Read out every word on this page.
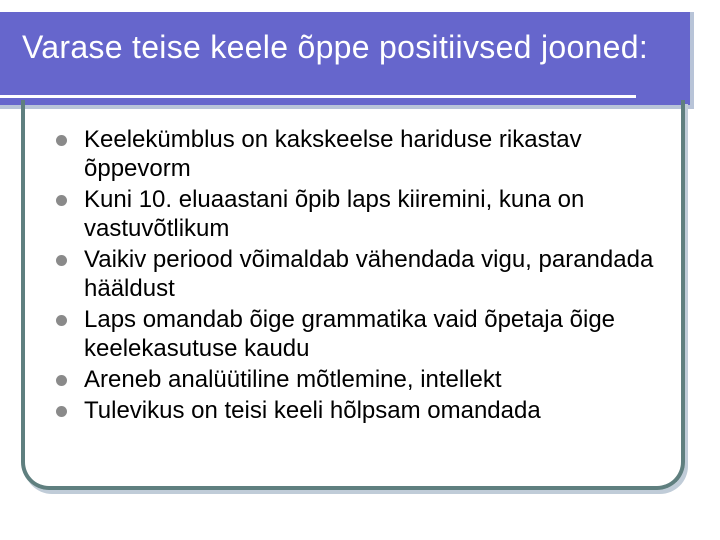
Varase teise keele õppe positiivsed jooned:
Keelekümblus on kakskeelse hariduse rikastav õppevorm
Kuni 10. eluaastani õpib laps kiiremini, kuna on vastuvõtlikum
Vaikiv periood võimaldab vähendada vigu, parandada hääldust
Laps omandab õige grammatika vaid õpetaja õige keelekasutuse kaudu
Areneb analüütiline mõtlemine, intellekt
Tulevikus on teisi keeli hõlpsam omandada
